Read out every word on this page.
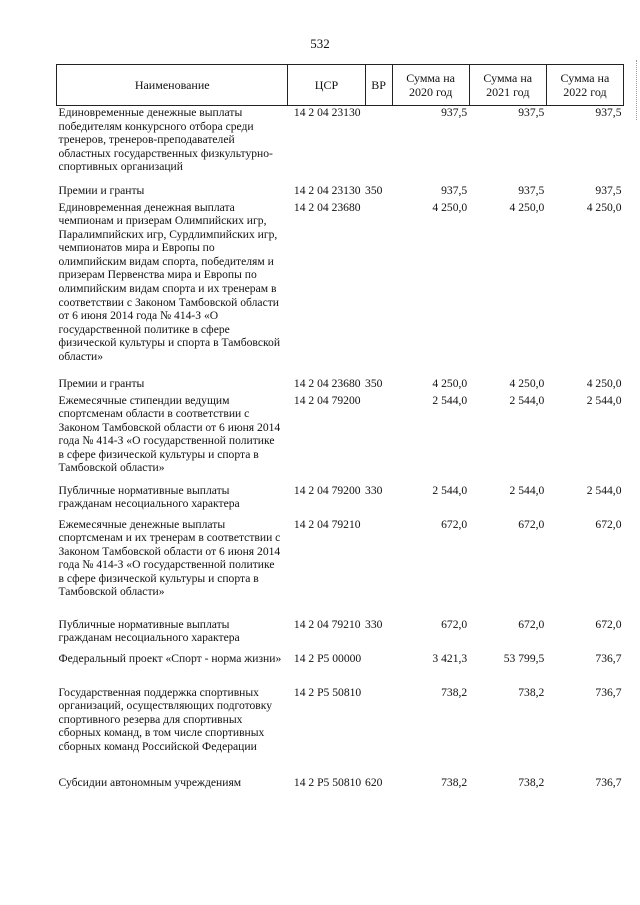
532
Наименование	ЦСР	ВР	Сумма на 2020 год	Сумма на 2021 год	Сумма на 2022 год
Единовременные денежные выплаты победителям конкурсного отбора среди тренеров, тренеров-преподавателей областных государственных физкультурно-спортивных организаций	14 2 04 23130		937,5	937,5	937,5
Премии и гранты	14 2 04 23130	350	937,5	937,5	937,5
Единовременная денежная выплата чемпионам и призерам Олимпийских игр, Паралимпийских игр, Сурдлимпийских игр, чемпионатов мира и Европы по олимпийским видам спорта, победителям и призерам Первенства мира и Европы по олимпийским видам спорта и их тренерам в соответствии с Законом Тамбовской области от 6 июня 2014 года № 414-З «О государственной политике в сфере физической культуры и спорта в Тамбовской области»	14 2 04 23680		4 250,0	4 250,0	4 250,0
Премии и гранты	14 2 04 23680	350	4 250,0	4 250,0	4 250,0
Ежемесячные стипендии ведущим спортсменам области в соответствии с Законом Тамбовской области от 6 июня 2014 года № 414-З «О государственной политике в сфере физической культуры и спорта в Тамбовской области»	14 2 04 79200		2 544,0	2 544,0	2 544,0
Публичные нормативные выплаты гражданам несоциального характера	14 2 04 79200	330	2 544,0	2 544,0	2 544,0
Ежемесячные денежные выплаты спортсменам и их тренерам в соответствии с Законом Тамбовской области от 6 июня 2014 года № 414-З «О государственной политике в сфере физической культуры и спорта в Тамбовской области»	14 2 04 79210		672,0	672,0	672,0
Публичные нормативные выплаты гражданам несоциального характера	14 2 04 79210	330	672,0	672,0	672,0
Федеральный проект «Спорт - норма жизни»	14 2 P5 00000		3 421,3	53 799,5	736,7
Государственная поддержка спортивных организаций, осуществляющих подготовку спортивного резерва для спортивных сборных команд, в том числе спортивных сборных команд Российской Федерации	14 2 P5 50810		738,2	738,2	736,7
Субсидии автономным учреждениям	14 2 P5 50810	620	738,2	738,2	736,7
